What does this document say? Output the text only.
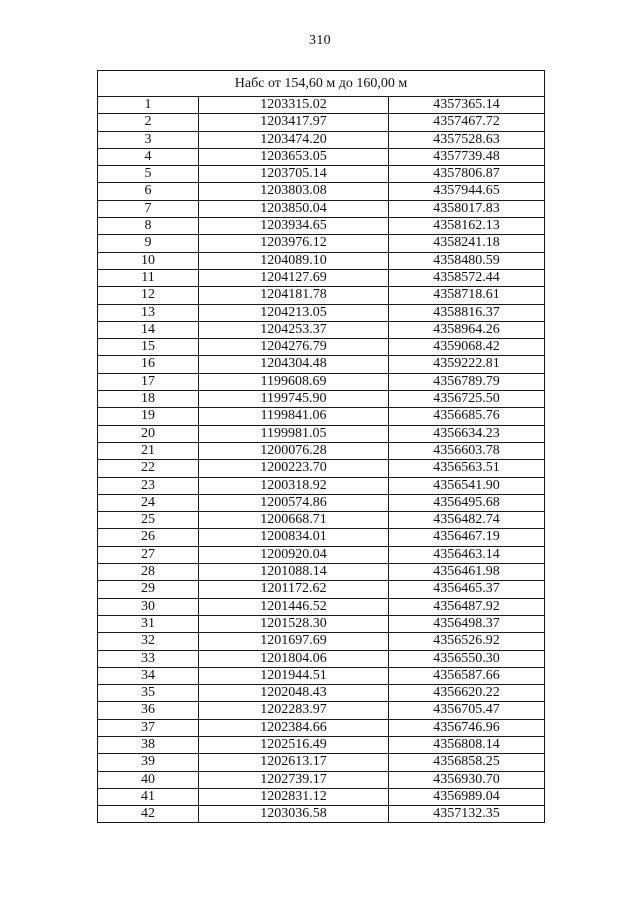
310
Набс от 154,60 м до 160,00 м		
1	1203315.02	4357365.14
2	1203417.97	4357467.72
3	1203474.20	4357528.63
4	1203653.05	4357739.48
5	1203705.14	4357806.87
6	1203803.08	4357944.65
7	1203850.04	4358017.83
8	1203934.65	4358162.13
9	1203976.12	4358241.18
10	1204089.10	4358480.59
11	1204127.69	4358572.44
12	1204181.78	4358718.61
13	1204213.05	4358816.37
14	1204253.37	4358964.26
15	1204276.79	4359068.42
16	1204304.48	4359222.81
17	1199608.69	4356789.79
18	1199745.90	4356725.50
19	1199841.06	4356685.76
20	1199981.05	4356634.23
21	1200076.28	4356603.78
22	1200223.70	4356563.51
23	1200318.92	4356541.90
24	1200574.86	4356495.68
25	1200668.71	4356482.74
26	1200834.01	4356467.19
27	1200920.04	4356463.14
28	1201088.14	4356461.98
29	1201172.62	4356465.37
30	1201446.52	4356487.92
31	1201528.30	4356498.37
32	1201697.69	4356526.92
33	1201804.06	4356550.30
34	1201944.51	4356587.66
35	1202048.43	4356620.22
36	1202283.97	4356705.47
37	1202384.66	4356746.96
38	1202516.49	4356808.14
39	1202613.17	4356858.25
40	1202739.17	4356930.70
41	1202831.12	4356989.04
42	1203036.58	4357132.35
